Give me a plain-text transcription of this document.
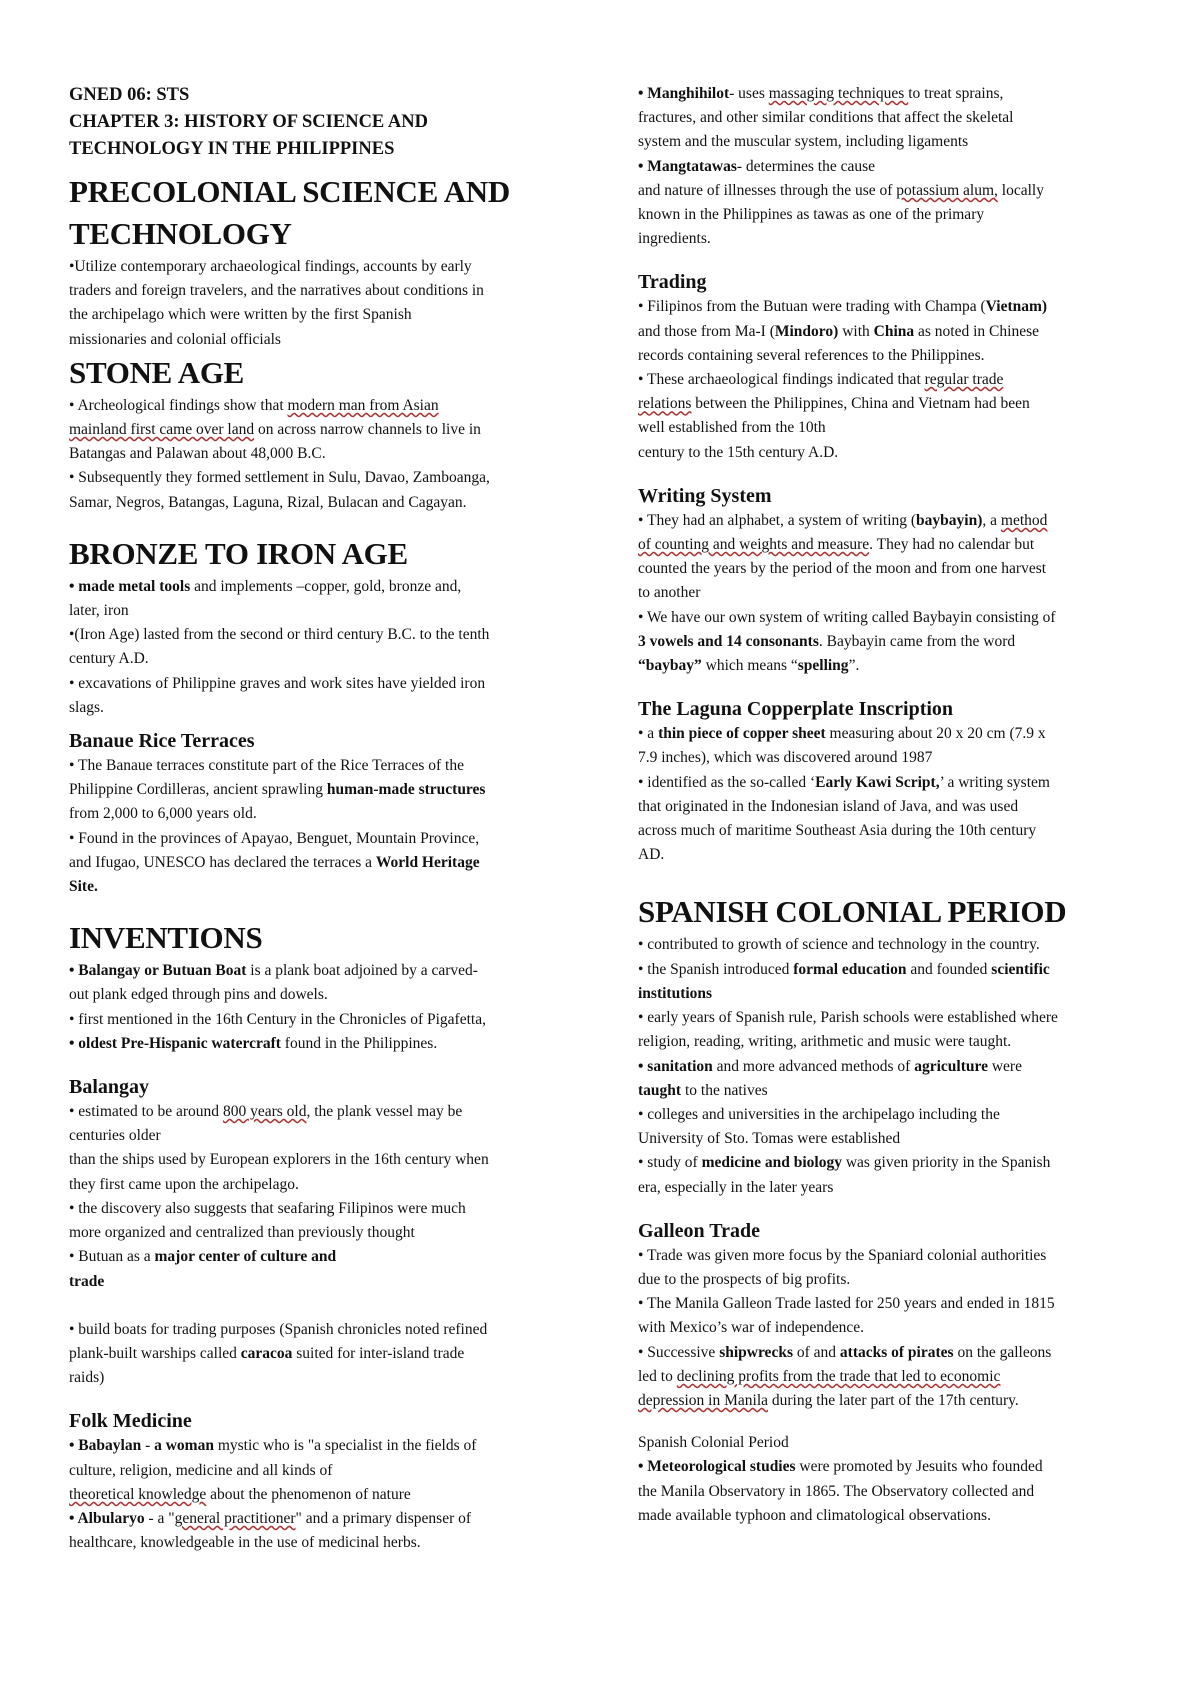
GNED 06: STS

CHAPTER 3: HISTORY OF SCIENCE AND

TECHNOLOGY IN THE PHILIPPINES

PRECOLONIAL SCIENCE AND

TECHNOLOGY

•Utilize contemporary archaeological findings, accounts by early

traders and foreign travelers, and the narratives about conditions in

the archipelago which were written by the first Spanish

missionaries and colonial officials

STONE AGE

• Archeological findings show that modern man from Asian

mainland first came over land on across narrow channels to live in

Batangas and Palawan about 48,000 B.C.

• Subsequently they formed settlement in Sulu, Davao, Zamboanga,

Samar, Negros, Batangas, Laguna, Rizal, Bulacan and Cagayan.

BRONZE TO IRON AGE

• made metal tools and implements –copper, gold, bronze and,

later, iron

•(Iron Age) lasted from the second or third century B.C. to the tenth

century A.D.

• excavations of Philippine graves and work sites have yielded iron

slags.

Banaue Rice Terraces

• The Banaue terraces constitute part of the Rice Terraces of the

Philippine Cordilleras, ancient sprawling human-made structures

from 2,000 to 6,000 years old.

• Found in the provinces of Apayao, Benguet, Mountain Province,

and Ifugao, UNESCO has declared the terraces a World Heritage

Site.

INVENTIONS

• Balangay or Butuan Boat is a plank boat adjoined by a carved-

out plank edged through pins and dowels.

• first mentioned in the 16th Century in the Chronicles of Pigafetta,

• oldest Pre-Hispanic watercraft found in the Philippines.

Balangay

• estimated to be around 800 years old, the plank vessel may be

centuries older

than the ships used by European explorers in the 16th century when

they first came upon the archipelago.

• the discovery also suggests that seafaring Filipinos were much

more organized and centralized than previously thought

• Butuan as a major center of culture and

trade

• build boats for trading purposes (Spanish chronicles noted refined

plank-built warships called caracoa suited for inter-island trade

raids)

Folk Medicine

• Babaylan - a woman mystic who is "a specialist in the fields of

culture, religion, medicine and all kinds of

theoretical knowledge about the phenomenon of nature

• Albularyo - a "general practitioner" and a primary dispenser of

healthcare, knowledgeable in the use of medicinal herbs.

• Manghihilot- uses massaging techniques to treat sprains,

fractures, and other similar conditions that affect the skeletal

system and the muscular system, including ligaments

• Mangtatawas- determines the cause

and nature of illnesses through the use of potassium alum, locally

known in the Philippines as tawas as one of the primary

ingredients.

Trading

• Filipinos from the Butuan were trading with Champa (Vietnam)

and those from Ma-I (Mindoro) with China as noted in Chinese

records containing several references to the Philippines.

• These archaeological findings indicated that regular trade

relations between the Philippines, China and Vietnam had been

well established from the 10th

century to the 15th century A.D.

Writing System

• They had an alphabet, a system of writing (baybayin), a method

of counting and weights and measure. They had no calendar but

counted the years by the period of the moon and from one harvest

to another

• We have our own system of writing called Baybayin consisting of

3 vowels and 14 consonants. Baybayin came from the word

“baybay” which means “spelling”.

The Laguna Copperplate Inscription

• a thin piece of copper sheet measuring about 20 x 20 cm (7.9 x

7.9 inches), which was discovered around 1987

• identified as the so-called ‘Early Kawi Script,’ a writing system

that originated in the Indonesian island of Java, and was used

across much of maritime Southeast Asia during the 10th century

AD.

SPANISH COLONIAL PERIOD

• contributed to growth of science and technology in the country.

• the Spanish introduced formal education and founded scientific

institutions

• early years of Spanish rule, Parish schools were established where

religion, reading, writing, arithmetic and music were taught.

• sanitation and more advanced methods of agriculture were

taught to the natives

• colleges and universities in the archipelago including the

University of Sto. Tomas were established

• study of medicine and biology was given priority in the Spanish

era, especially in the later years

Galleon Trade

• Trade was given more focus by the Spaniard colonial authorities

due to the prospects of big profits.

• The Manila Galleon Trade lasted for 250 years and ended in 1815

with Mexico’s war of independence.

• Successive shipwrecks of and attacks of pirates on the galleons

led to declining profits from the trade that led to economic

depression in Manila during the later part of the 17th century.

Spanish Colonial Period

• Meteorological studies were promoted by Jesuits who founded

the Manila Observatory in 1865. The Observatory collected and

made available typhoon and climatological observations.
